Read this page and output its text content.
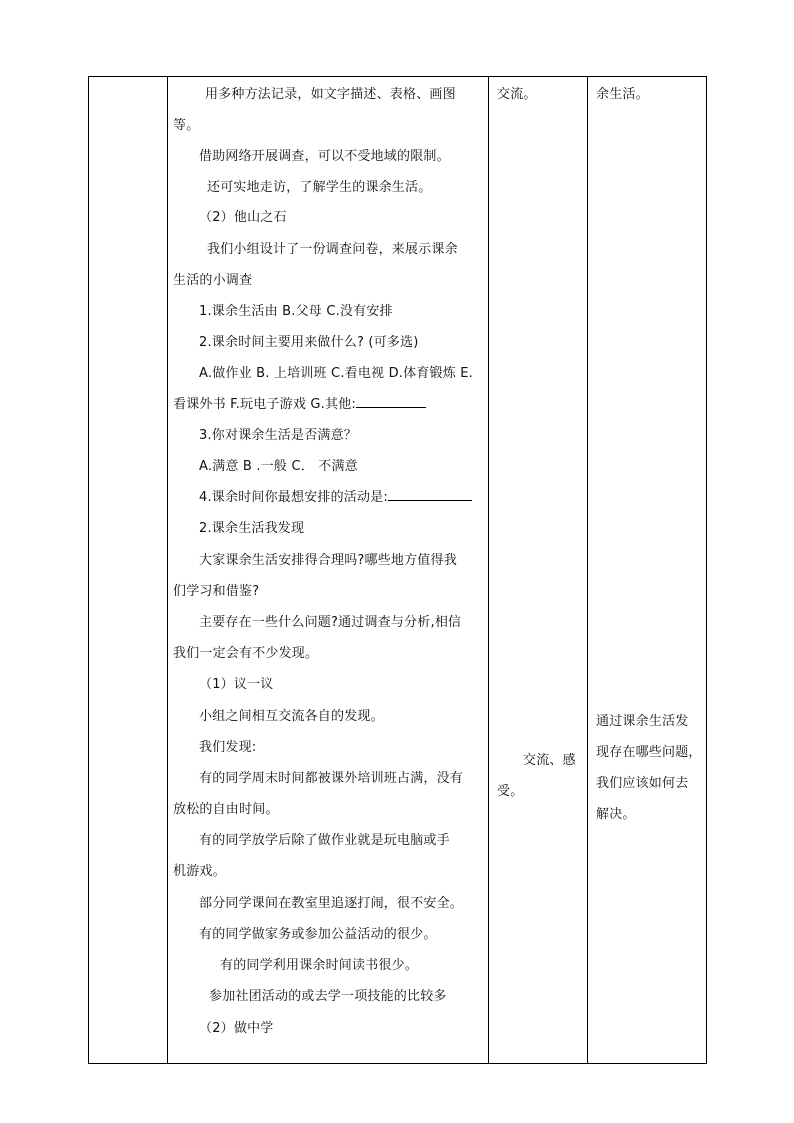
用多种方法记录，如文字描述、表格、画图
等。
借助网络开展调查，可以不受地域的限制。
还可实地走访，了解学生的课余生活。
（2）他山之石
我们小组设计了一份调查问卷，来展示课余
生活的小调查
1.课余生活由 B.父母 C.没有安排
2.课余时间主要用来做什么? (可多选)
A.做作业 B. 上培训班 C.看电视 D.体育锻炼 E.
看课外书 F.玩电子游戏 G.其他:
3.你对课余生活是否满意？
A.满意 B .一般 C． 不满意
4.课余时间你最想安排的活动是:
2.课余生活我发现
大家课余生活安排得合理吗?哪些地方值得我
们学习和借鉴?
主要存在一些什么问题?通过调查与分析,相信
我们一定会有不少发现。
（1）议一议
小组之间相互交流各自的发现。
我们发现:
有的同学周末时间都被课外培训班占满，没有
放松的自由时间。
有的同学放学后除了做作业就是玩电脑或手
机游戏。
部分同学课间在教室里追逐打闹，很不安全。
有的同学做家务或参加公益活动的很少。
有的同学利用课余时间读书很少。
参加社团活动的或去学一项技能的比较多
（2）做中学
交流。
交流、感
受。
余生活。
通过课余生活发
现存在哪些问题，
我们应该如何去
解决。
